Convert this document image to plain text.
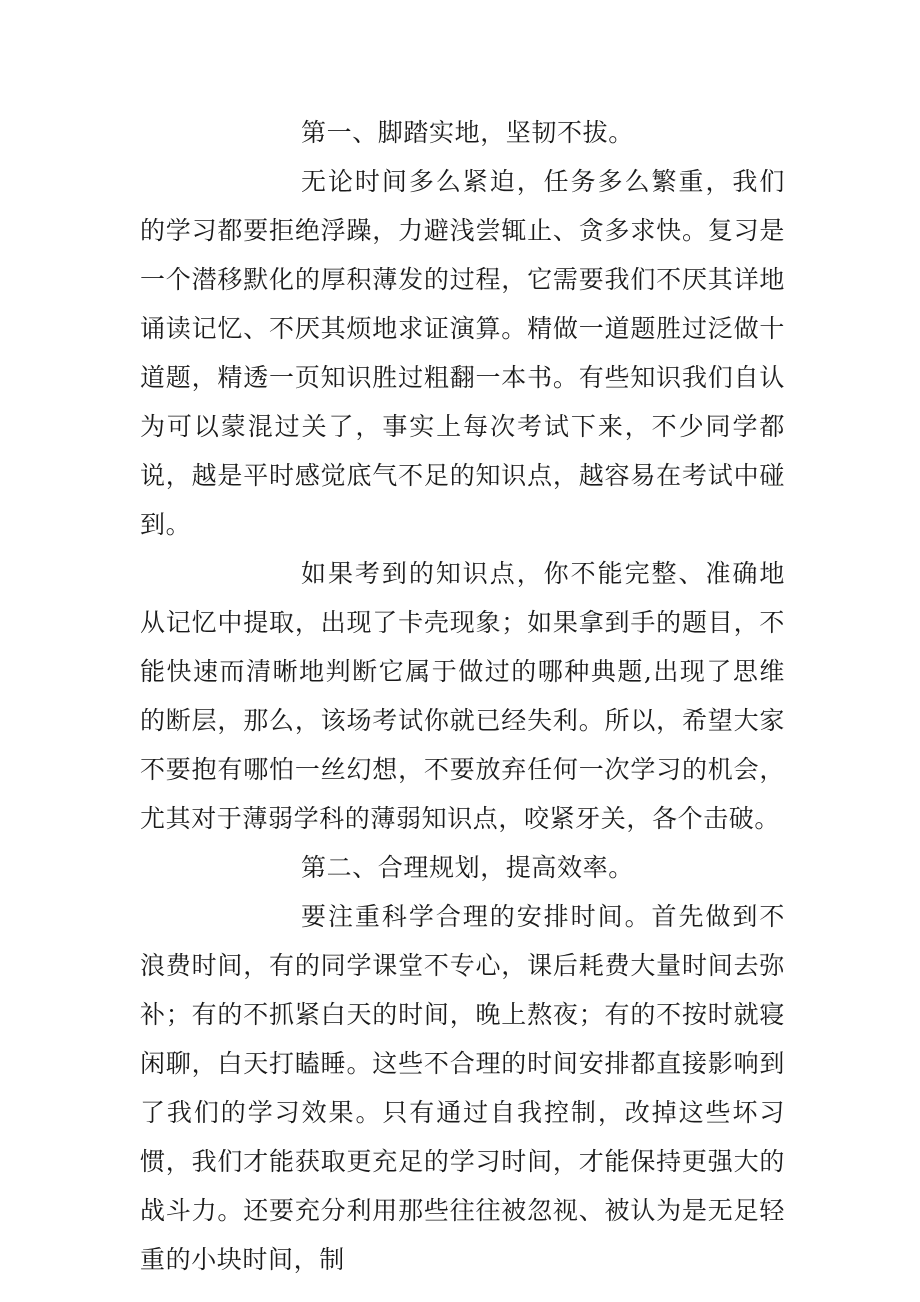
第一、脚踏实地，坚韧不拔。

无论时间多么紧迫，任务多么繁重，我们的学习都要拒绝浮躁，力避浅尝辄止、贪多求快。复习是一个潜移默化的厚积薄发的过程，它需要我们不厌其详地诵读记忆、不厌其烦地求证演算。精做一道题胜过泛做十道题，精透一页知识胜过粗翻一本书。有些知识我们自认为可以蒙混过关了，事实上每次考试下来，不少同学都说，越是平时感觉底气不足的知识点，越容易在考试中碰到。

如果考到的知识点，你不能完整、准确地从记忆中提取，出现了卡壳现象；如果拿到手的题目，不能快速而清晰地判断它属于做过的哪种典题,出现了思维的断层，那么，该场考试你就已经失利。所以，希望大家不要抱有哪怕一丝幻想，不要放弃任何一次学习的机会，尤其对于薄弱学科的薄弱知识点，咬紧牙关，各个击破。

第二、合理规划，提高效率。

要注重科学合理的安排时间。首先做到不浪费时间，有的同学课堂不专心，课后耗费大量时间去弥补；有的不抓紧白天的时间，晚上熬夜；有的不按时就寝闲聊，白天打瞌睡。这些不合理的时间安排都直接影响到了我们的学习效果。只有通过自我控制，改掉这些坏习惯，我们才能获取更充足的学习时间，才能保持更强大的战斗力。还要充分利用那些往往被忽视、被认为是无足轻重的小块时间，制
